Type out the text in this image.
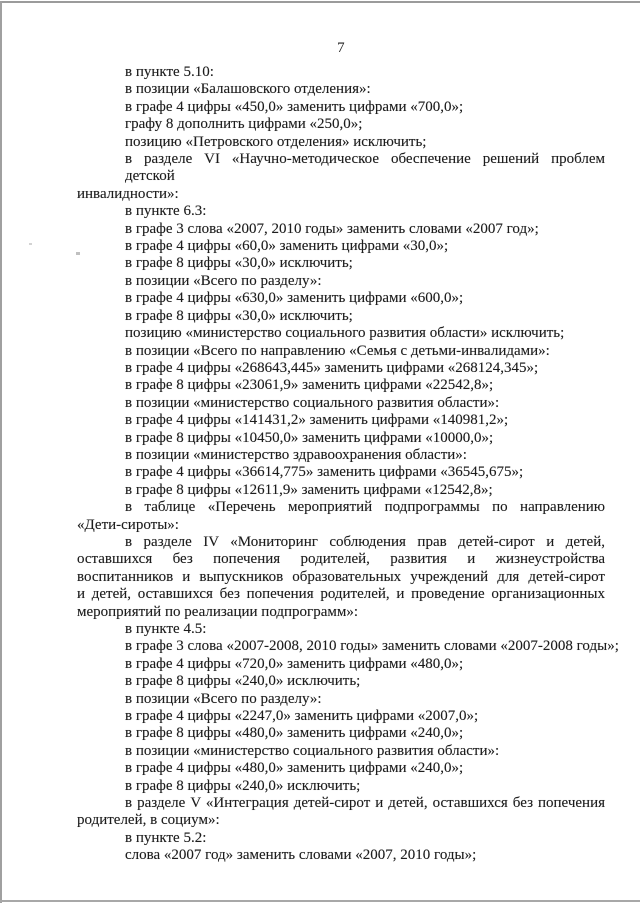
7
в пункте 5.10:
в позиции «Балашовского отделения»:
в графе 4 цифры «450,0» заменить цифрами «700,0»;
графу 8 дополнить цифрами «250,0»;
позицию «Петровского отделения» исключить;
в разделе VI «Научно-методическое обеспечение решений проблем детской
инвалидности»:
в пункте 6.3:
в графе 3 слова «2007, 2010 годы» заменить словами «2007 год»;
в графе 4 цифры «60,0» заменить цифрами «30,0»;
в графе 8 цифры «30,0» исключить;
в позиции «Всего по разделу»:
в графе 4 цифры «630,0» заменить цифрами «600,0»;
в графе 8 цифры «30,0» исключить;
позицию «министерство социального развития области» исключить;
в позиции «Всего по направлению «Семья с детьми-инвалидами»:
в графе 4 цифры «268643,445» заменить цифрами «268124,345»;
в графе 8 цифры «23061,9» заменить цифрами «22542,8»;
в позиции «министерство социального развития области»:
в графе 4 цифры «141431,2» заменить цифрами «140981,2»;
в графе 8 цифры «10450,0» заменить цифрами «10000,0»;
в позиции «министерство здравоохранения области»:
в графе 4 цифры «36614,775» заменить цифрами «36545,675»;
в графе 8 цифры «12611,9» заменить цифрами «12542,8»;
в таблице «Перечень мероприятий подпрограммы по направлению
«Дети-сироты»:
в разделе IV «Мониторинг соблюдения прав детей-сирот и детей,
оставшихся без попечения родителей, развития и жизнеустройства
воспитанников и выпускников образовательных учреждений для детей-сирот
и детей, оставшихся без попечения родителей, и проведение организационных
мероприятий по реализации подпрограмм»:
в пункте 4.5:
в графе 3 слова «2007-2008, 2010 годы» заменить словами «2007-2008 годы»;
в графе 4 цифры «720,0» заменить цифрами «480,0»;
в графе 8 цифры «240,0» исключить;
в позиции «Всего по разделу»:
в графе 4 цифры «2247,0» заменить цифрами «2007,0»;
в графе 8 цифры «480,0» заменить цифрами «240,0»;
в позиции «министерство социального развития области»:
в графе 4 цифры «480,0» заменить цифрами «240,0»;
в графе 8 цифры «240,0» исключить;
в разделе V «Интеграция детей-сирот и детей, оставшихся без попечения
родителей, в социум»:
в пункте 5.2:
слова «2007 год» заменить словами «2007, 2010 годы»;
